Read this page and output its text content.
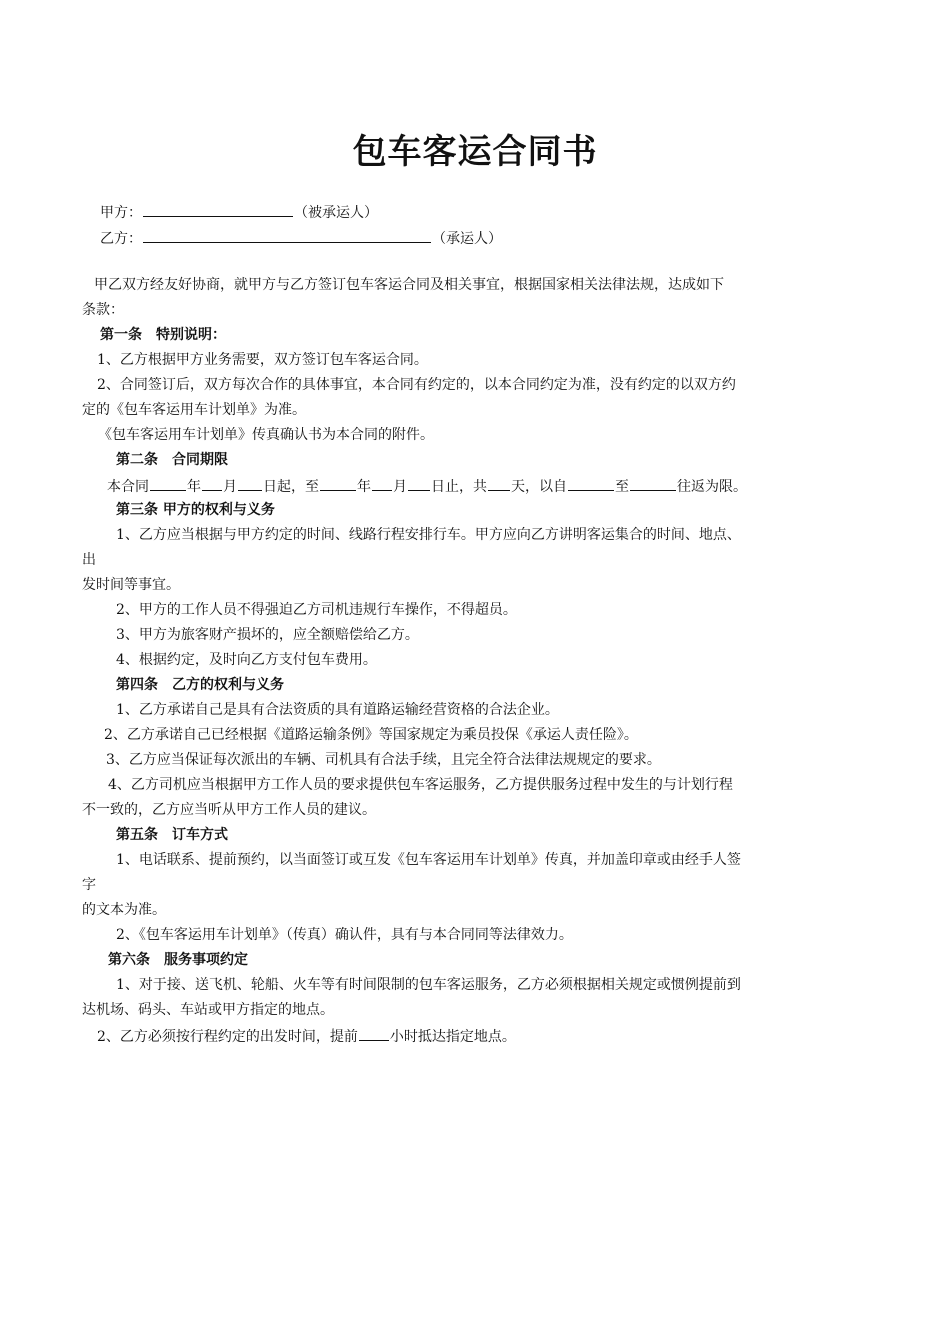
包车客运合同书
甲方：	（被承运人）
乙方：	（承运人）
甲乙双方经友好协商，就甲方与乙方签订包车客运合同及相关事宜，根据国家相关法律法规，达成如下
条款：
第一条　特别说明：
1、乙方根据甲方业务需要，双方签订包车客运合同。
2、合同签订后，双方每次合作的具体事宜，本合同有约定的，以本合同约定为准，没有约定的以双方约
定的《包车客运用车计划单》为准。
《包车客运用车计划单》传真确认书为本合同的附件。
第二条　合同期限
本合同	年 月 日起，至	年 月 日止，共 天，以自	至	往返为限。
第三条 甲方的权利与义务
1、乙方应当根据与甲方约定的时间、线路行程安排行车。甲方应向乙方讲明客运集合的时间、地点、
出
发时间等事宜。
2、甲方的工作人员不得强迫乙方司机违规行车操作，不得超员。
3、甲方为旅客财产损坏的，应全额赔偿给乙方。
4、根据约定，及时向乙方支付包车费用。
第四条　乙方的权利与义务
1、乙方承诺自己是具有合法资质的具有道路运输经营资格的合法企业。
2、乙方承诺自己已经根据《道路运输条例》等国家规定为乘员投保《承运人责任险》。
3、乙方应当保证每次派出的车辆、司机具有合法手续，且完全符合法律法规规定的要求。
4、乙方司机应当根据甲方工作人员的要求提供包车客运服务，乙方提供服务过程中发生的与计划行程
不一致的，乙方应当听从甲方工作人员的建议。
第五条　订车方式
1、电话联系、提前预约，以当面签订或互发《包车客运用车计划单》传真，并加盖印章或由经手人签
字
的文本为准。
2、《包车客运用车计划单》（传真）确认件，具有与本合同同等法律效力。
第六条　服务事项约定
1、对于接、送飞机、轮船、火车等有时间限制的包车客运服务，乙方必须根据相关规定或惯例提前到
达机场、码头、车站或甲方指定的地点。
2、乙方必须按行程约定的出发时间，提前 小时抵达指定地点。
